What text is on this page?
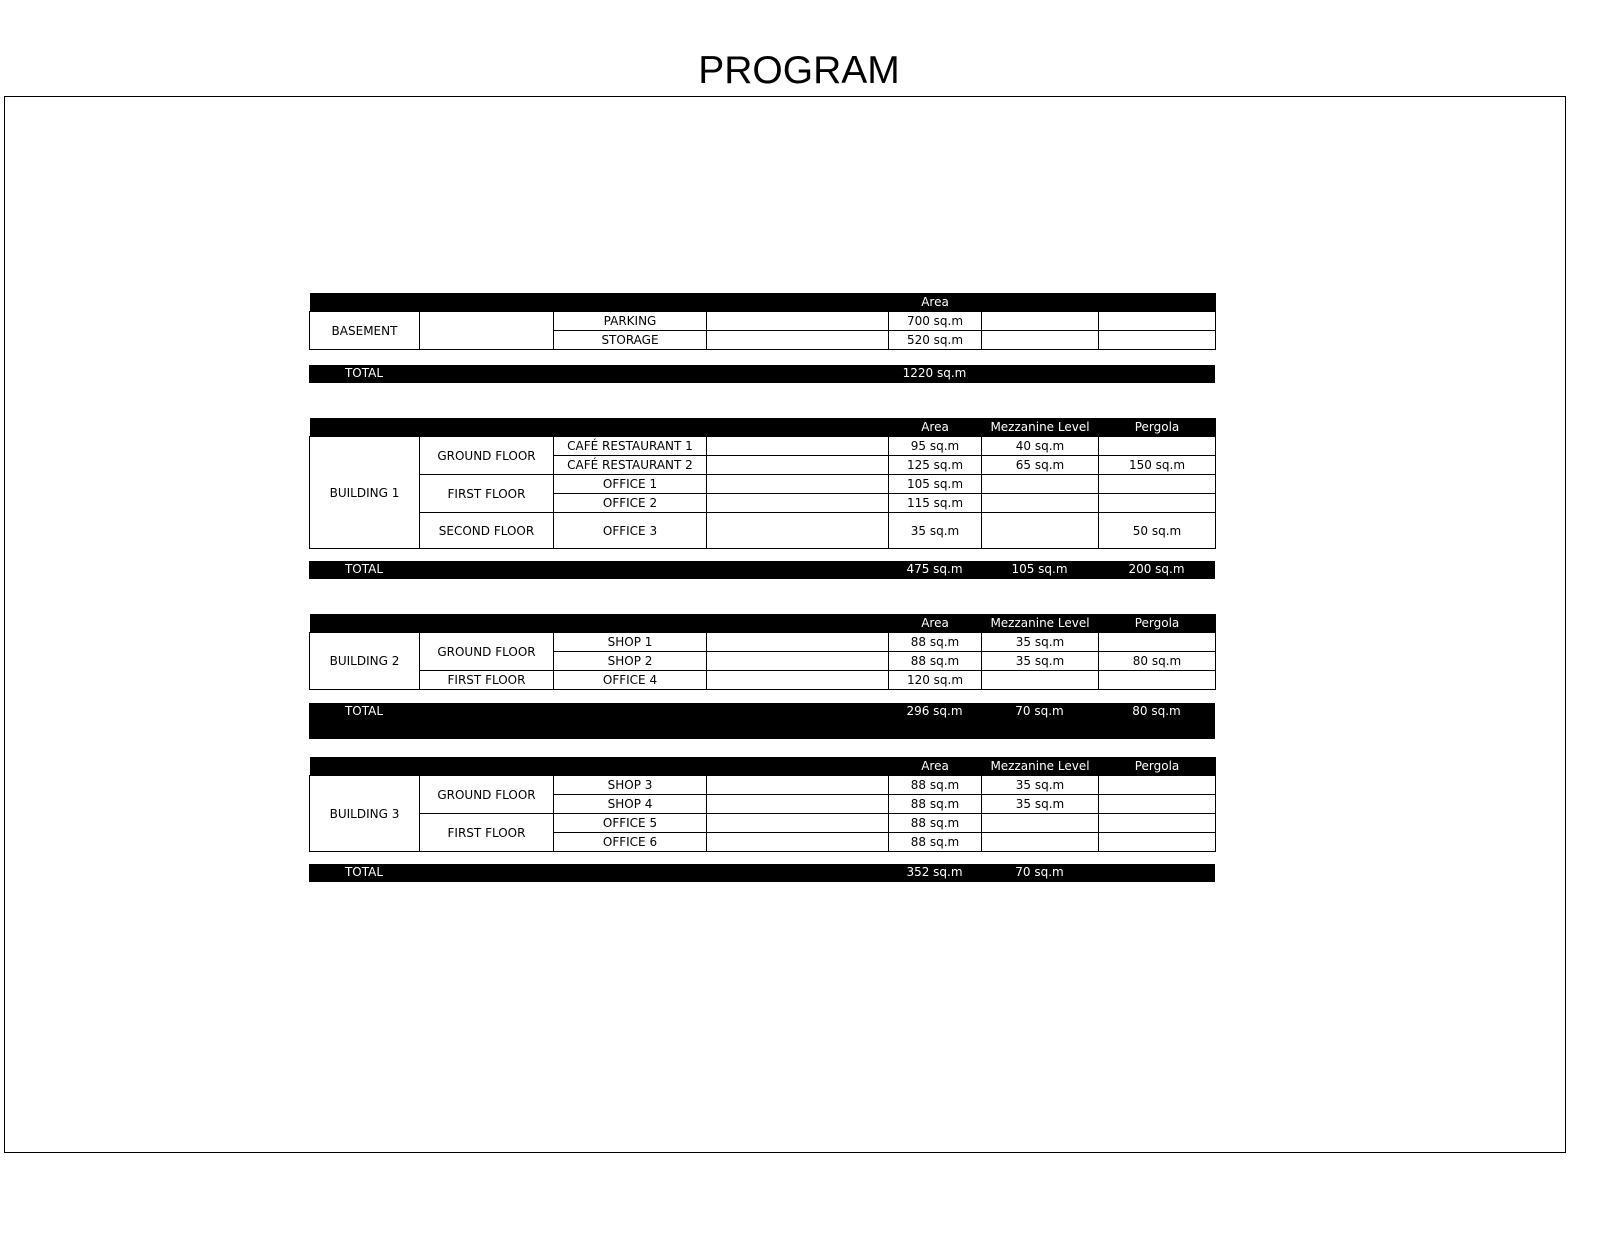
PROGRAM
				Area		
BASEMENT		PARKING		700 sq.m		
		STORAGE		520 sq.m		
TOTAL				1220 sq.m		
				Area	Mezzanine Level	Pergola
BUILDING 1	GROUND FLOOR	CAFÉ RESTAURANT 1		95 sq.m	40 sq.m	
		CAFÉ RESTAURANT 2		125 sq.m	65 sq.m	150 sq.m
	FIRST FLOOR	OFFICE 1		105 sq.m		
		OFFICE 2		115 sq.m		
	SECOND FLOOR	OFFICE 3		35 sq.m		50 sq.m
TOTAL				475 sq.m	105 sq.m	200 sq.m
				Area	Mezzanine Level	Pergola
BUILDING 2	GROUND FLOOR	SHOP 1		88 sq.m	35 sq.m	
		SHOP 2		88 sq.m	35 sq.m	80 sq.m
	FIRST FLOOR	OFFICE 4		120 sq.m		
TOTAL				296 sq.m	70 sq.m	80 sq.m
				Area	Mezzanine Level	Pergola
BUILDING 3	GROUND FLOOR	SHOP 3		88 sq.m	35 sq.m	
		SHOP 4		88 sq.m	35 sq.m	
	FIRST FLOOR	OFFICE 5		88 sq.m		
		OFFICE 6		88 sq.m		
TOTAL				352 sq.m	70 sq.m	
